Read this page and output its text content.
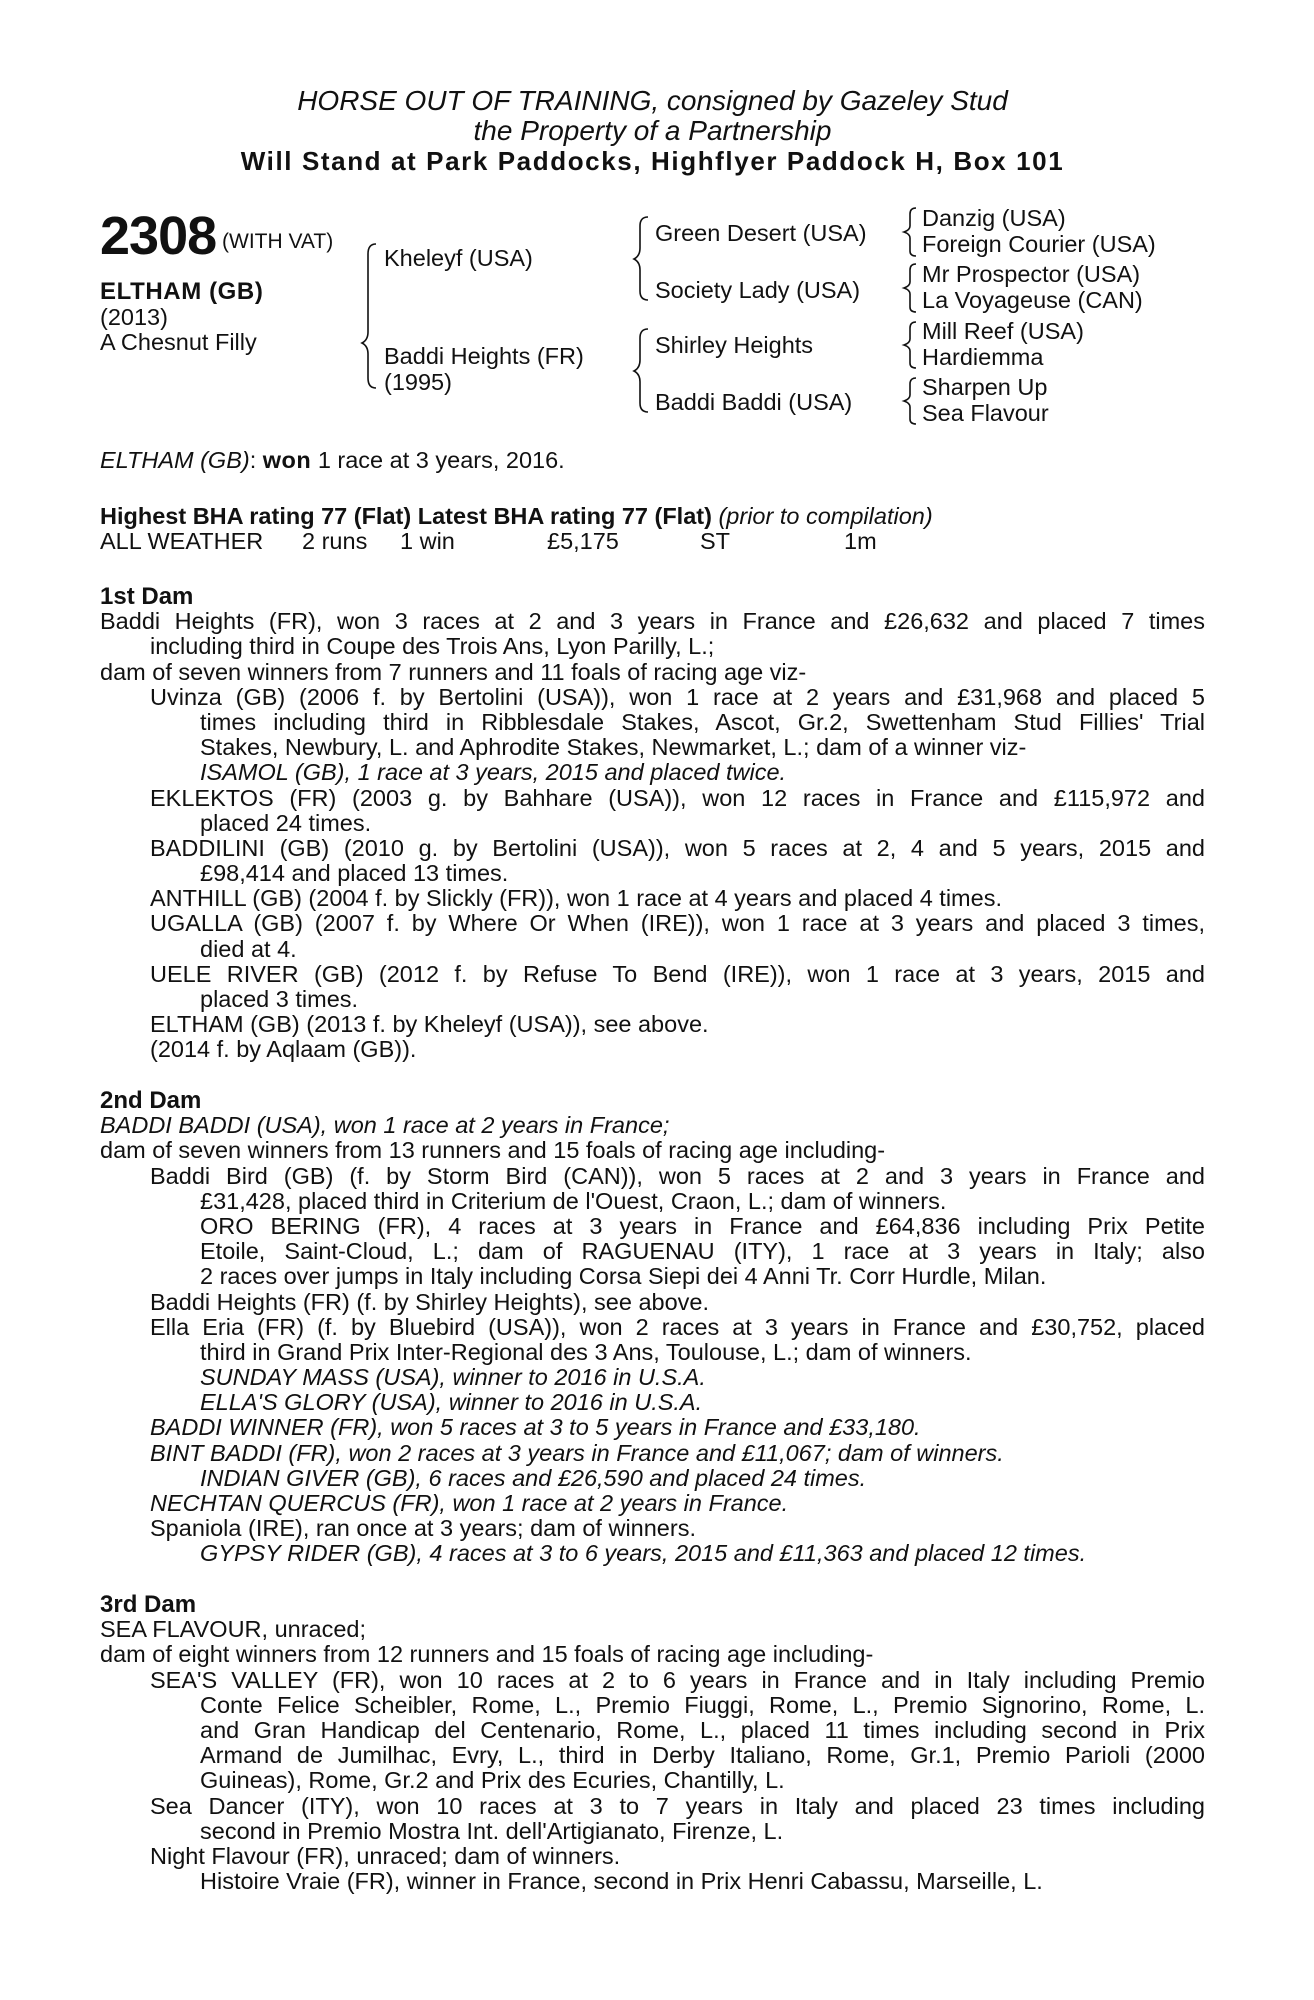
HORSE OUT OF TRAINING, consigned by Gazeley Stud
the Property of a Partnership
Will Stand at Park Paddocks, Highflyer Paddock H, Box 101
2308 (WITH VAT)
ELTHAM (GB)
(2013)
A Chesnut Filly
Kheleyf (USA)
Baddi Heights (FR)
(1995)
Green Desert (USA)
Society Lady (USA)
Shirley Heights
Baddi Baddi (USA)
Danzig (USA)
Foreign Courier (USA)
Mr Prospector (USA)
La Voyageuse (CAN)
Mill Reef (USA)
Hardiemma
Sharpen Up
Sea Flavour
ELTHAM (GB): won 1 race at 3 years, 2016.
Highest BHA rating 77 (Flat) Latest BHA rating 77 (Flat) (prior to compilation)
ALL WEATHER 2 runs 1 win	£5,175	ST	1m
1st Dam
Baddi Heights (FR), won 3 races at 2 and 3 years in France and £26,632 and placed 7 times
including third in Coupe des Trois Ans, Lyon Parilly, L.;
dam of seven winners from 7 runners and 11 foals of racing age viz-
Uvinza (GB) (2006 f. by Bertolini (USA)), won 1 race at 2 years and £31,968 and placed 5
times including third in Ribblesdale Stakes, Ascot, Gr.2, Swettenham Stud Fillies' Trial
Stakes, Newbury, L. and Aphrodite Stakes, Newmarket, L.; dam of a winner viz-
ISAMOL (GB), 1 race at 3 years, 2015 and placed twice.
EKLEKTOS (FR) (2003 g. by Bahhare (USA)), won 12 races in France and £115,972 and
placed 24 times.
BADDILINI (GB) (2010 g. by Bertolini (USA)), won 5 races at 2, 4 and 5 years, 2015 and
£98,414 and placed 13 times.
ANTHILL (GB) (2004 f. by Slickly (FR)), won 1 race at 4 years and placed 4 times.
UGALLA (GB) (2007 f. by Where Or When (IRE)), won 1 race at 3 years and placed 3 times,
died at 4.
UELE RIVER (GB) (2012 f. by Refuse To Bend (IRE)), won 1 race at 3 years, 2015 and
placed 3 times.
ELTHAM (GB) (2013 f. by Kheleyf (USA)), see above.
(2014 f. by Aqlaam (GB)).
2nd Dam
BADDI BADDI (USA), won 1 race at 2 years in France;
dam of seven winners from 13 runners and 15 foals of racing age including-
Baddi Bird (GB) (f. by Storm Bird (CAN)), won 5 races at 2 and 3 years in France and
£31,428, placed third in Criterium de l'Ouest, Craon, L.; dam of winners.
ORO BERING (FR), 4 races at 3 years in France and £64,836 including Prix Petite
Etoile, Saint-Cloud, L.; dam of RAGUENAU (ITY), 1 race at 3 years in Italy; also
2 races over jumps in Italy including Corsa Siepi dei 4 Anni Tr. Corr Hurdle, Milan.
Baddi Heights (FR) (f. by Shirley Heights), see above.
Ella Eria (FR) (f. by Bluebird (USA)), won 2 races at 3 years in France and £30,752, placed
third in Grand Prix Inter-Regional des 3 Ans, Toulouse, L.; dam of winners.
SUNDAY MASS (USA), winner to 2016 in U.S.A.
ELLA'S GLORY (USA), winner to 2016 in U.S.A.
BADDI WINNER (FR), won 5 races at 3 to 5 years in France and £33,180.
BINT BADDI (FR), won 2 races at 3 years in France and £11,067; dam of winners.
INDIAN GIVER (GB), 6 races and £26,590 and placed 24 times.
NECHTAN QUERCUS (FR), won 1 race at 2 years in France.
Spaniola (IRE), ran once at 3 years; dam of winners.
GYPSY RIDER (GB), 4 races at 3 to 6 years, 2015 and £11,363 and placed 12 times.
3rd Dam
SEA FLAVOUR, unraced;
dam of eight winners from 12 runners and 15 foals of racing age including-
SEA'S VALLEY (FR), won 10 races at 2 to 6 years in France and in Italy including Premio
Conte Felice Scheibler, Rome, L., Premio Fiuggi, Rome, L., Premio Signorino, Rome, L.
and Gran Handicap del Centenario, Rome, L., placed 11 times including second in Prix
Armand de Jumilhac, Evry, L., third in Derby Italiano, Rome, Gr.1, Premio Parioli (2000
Guineas), Rome, Gr.2 and Prix des Ecuries, Chantilly, L.
Sea Dancer (ITY), won 10 races at 3 to 7 years in Italy and placed 23 times including
second in Premio Mostra Int. dell'Artigianato, Firenze, L.
Night Flavour (FR), unraced; dam of winners.
Histoire Vraie (FR), winner in France, second in Prix Henri Cabassu, Marseille, L.
